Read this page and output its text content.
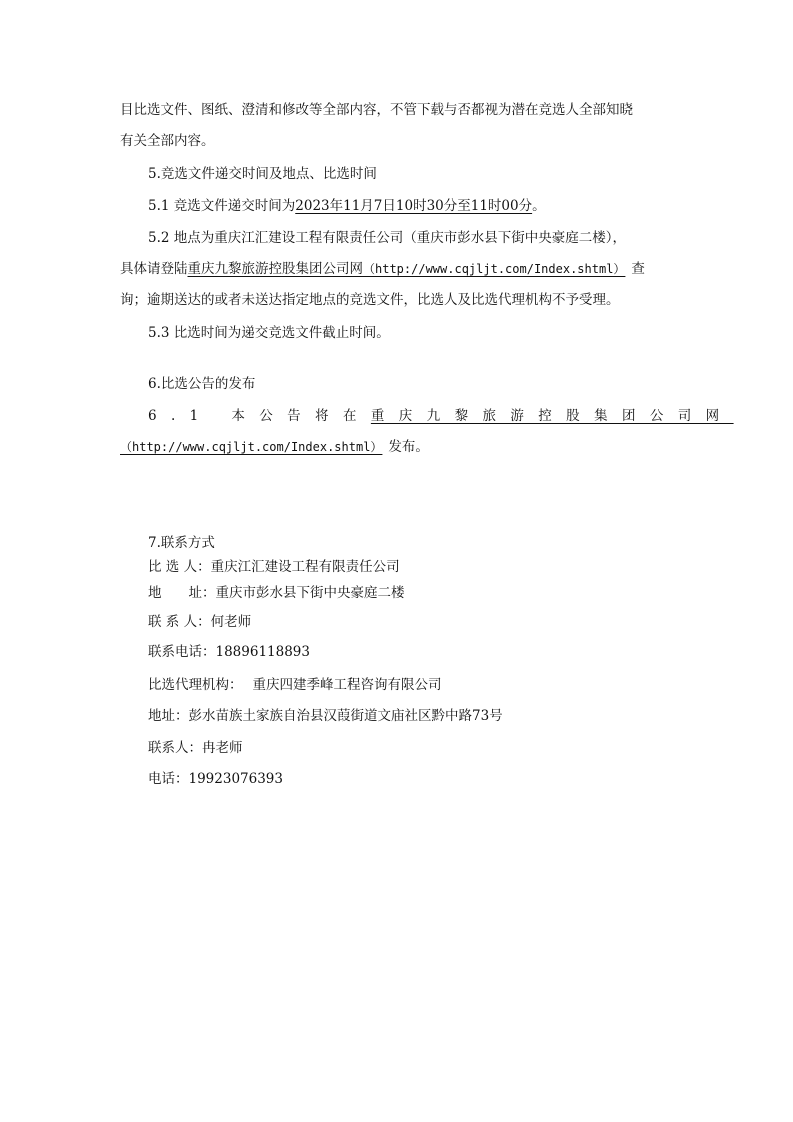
目比选文件、图纸、澄清和修改等全部内容，不管下载与否都视为潜在竞选人全部知晓
有关全部内容。
5.竞选文件递交时间及地点、比选时间
5.1 竞选文件递交时间为2023年11月7日10时30分至11时00分。
5.2 地点为重庆江汇建设工程有限责任公司（重庆市彭水县下街中央豪庭二楼），
具体请登陆重庆九黎旅游控股集团公司网（http://www.cqjljt.com/Index.shtml） 查
询；逾期送达的或者未送达指定地点的竞选文件，比选人及比选代理机构不予受理。
5.3 比选时间为递交竞选文件截止时间。
6.比选公告的发布
6.1 本公告将在重庆九黎旅游控股集团公司网
（http://www.cqjljt.com/Index.shtml） 发布。
7.联系方式
比 选 人：重庆江汇建设工程有限责任公司
地　　址：重庆市彭水县下街中央豪庭二楼
联 系 人：何老师
联系电话：18896118893
比选代理机构： 重庆四建季峰工程咨询有限公司
地址：彭水苗族土家族自治县汉葭街道文庙社区黔中路73号
联系人：冉老师
电话：19923076393
